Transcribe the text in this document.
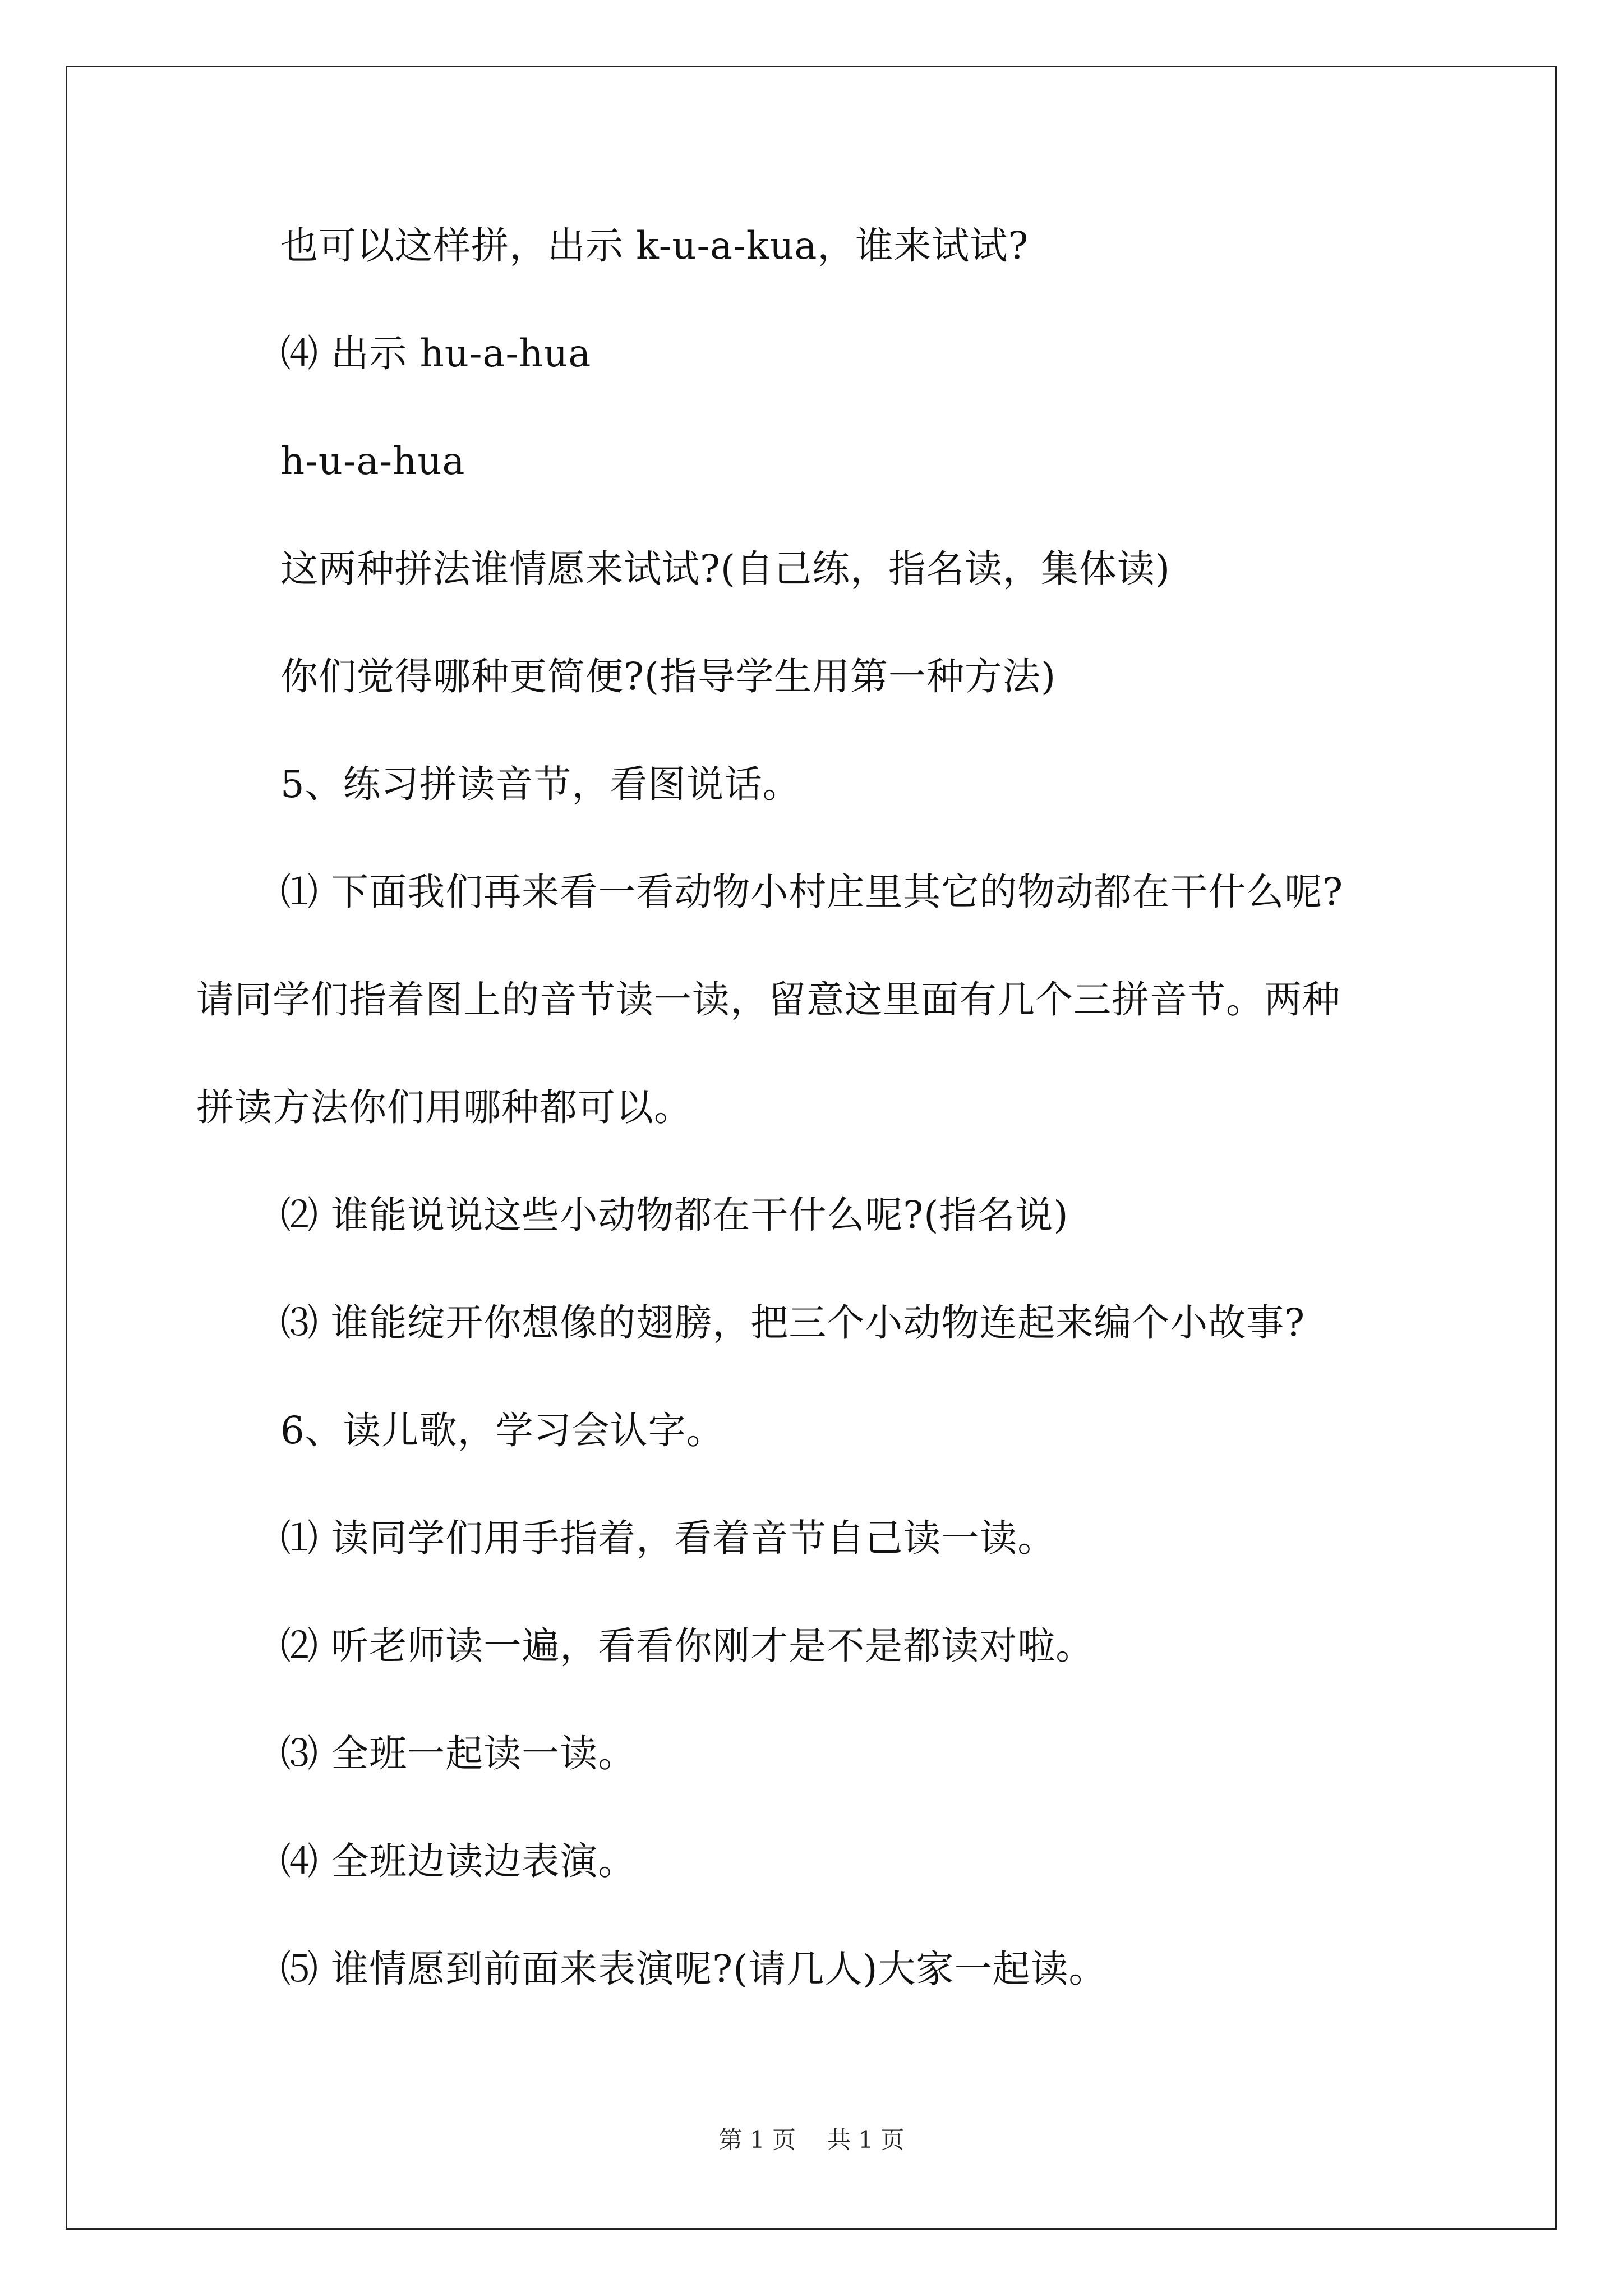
也可以这样拼，出示 k-u-a-kua，谁来试试?

⑷ 出示 hu-a-hua

h-u-a-hua

这两种拼法谁情愿来试试?(自己练，指名读，集体读)

你们觉得哪种更简便?(指导学生用第一种方法)

5、练习拼读音节，看图说话。

⑴ 下面我们再来看一看动物小村庄里其它的物动都在干什么呢?

请同学们指着图上的音节读一读，留意这里面有几个三拼音节。两种

拼读方法你们用哪种都可以。

⑵ 谁能说说这些小动物都在干什么呢?(指名说)

⑶ 谁能绽开你想像的翅膀，把三个小动物连起来编个小故事?

6、读儿歌，学习会认字。

⑴ 读同学们用手指着，看着音节自己读一读。

⑵ 听老师读一遍，看看你刚才是不是都读对啦。

⑶ 全班一起读一读。

⑷ 全班边读边表演。

⑸ 谁情愿到前面来表演呢?(请几人)大家一起读。

第 1 页 共 1 页
